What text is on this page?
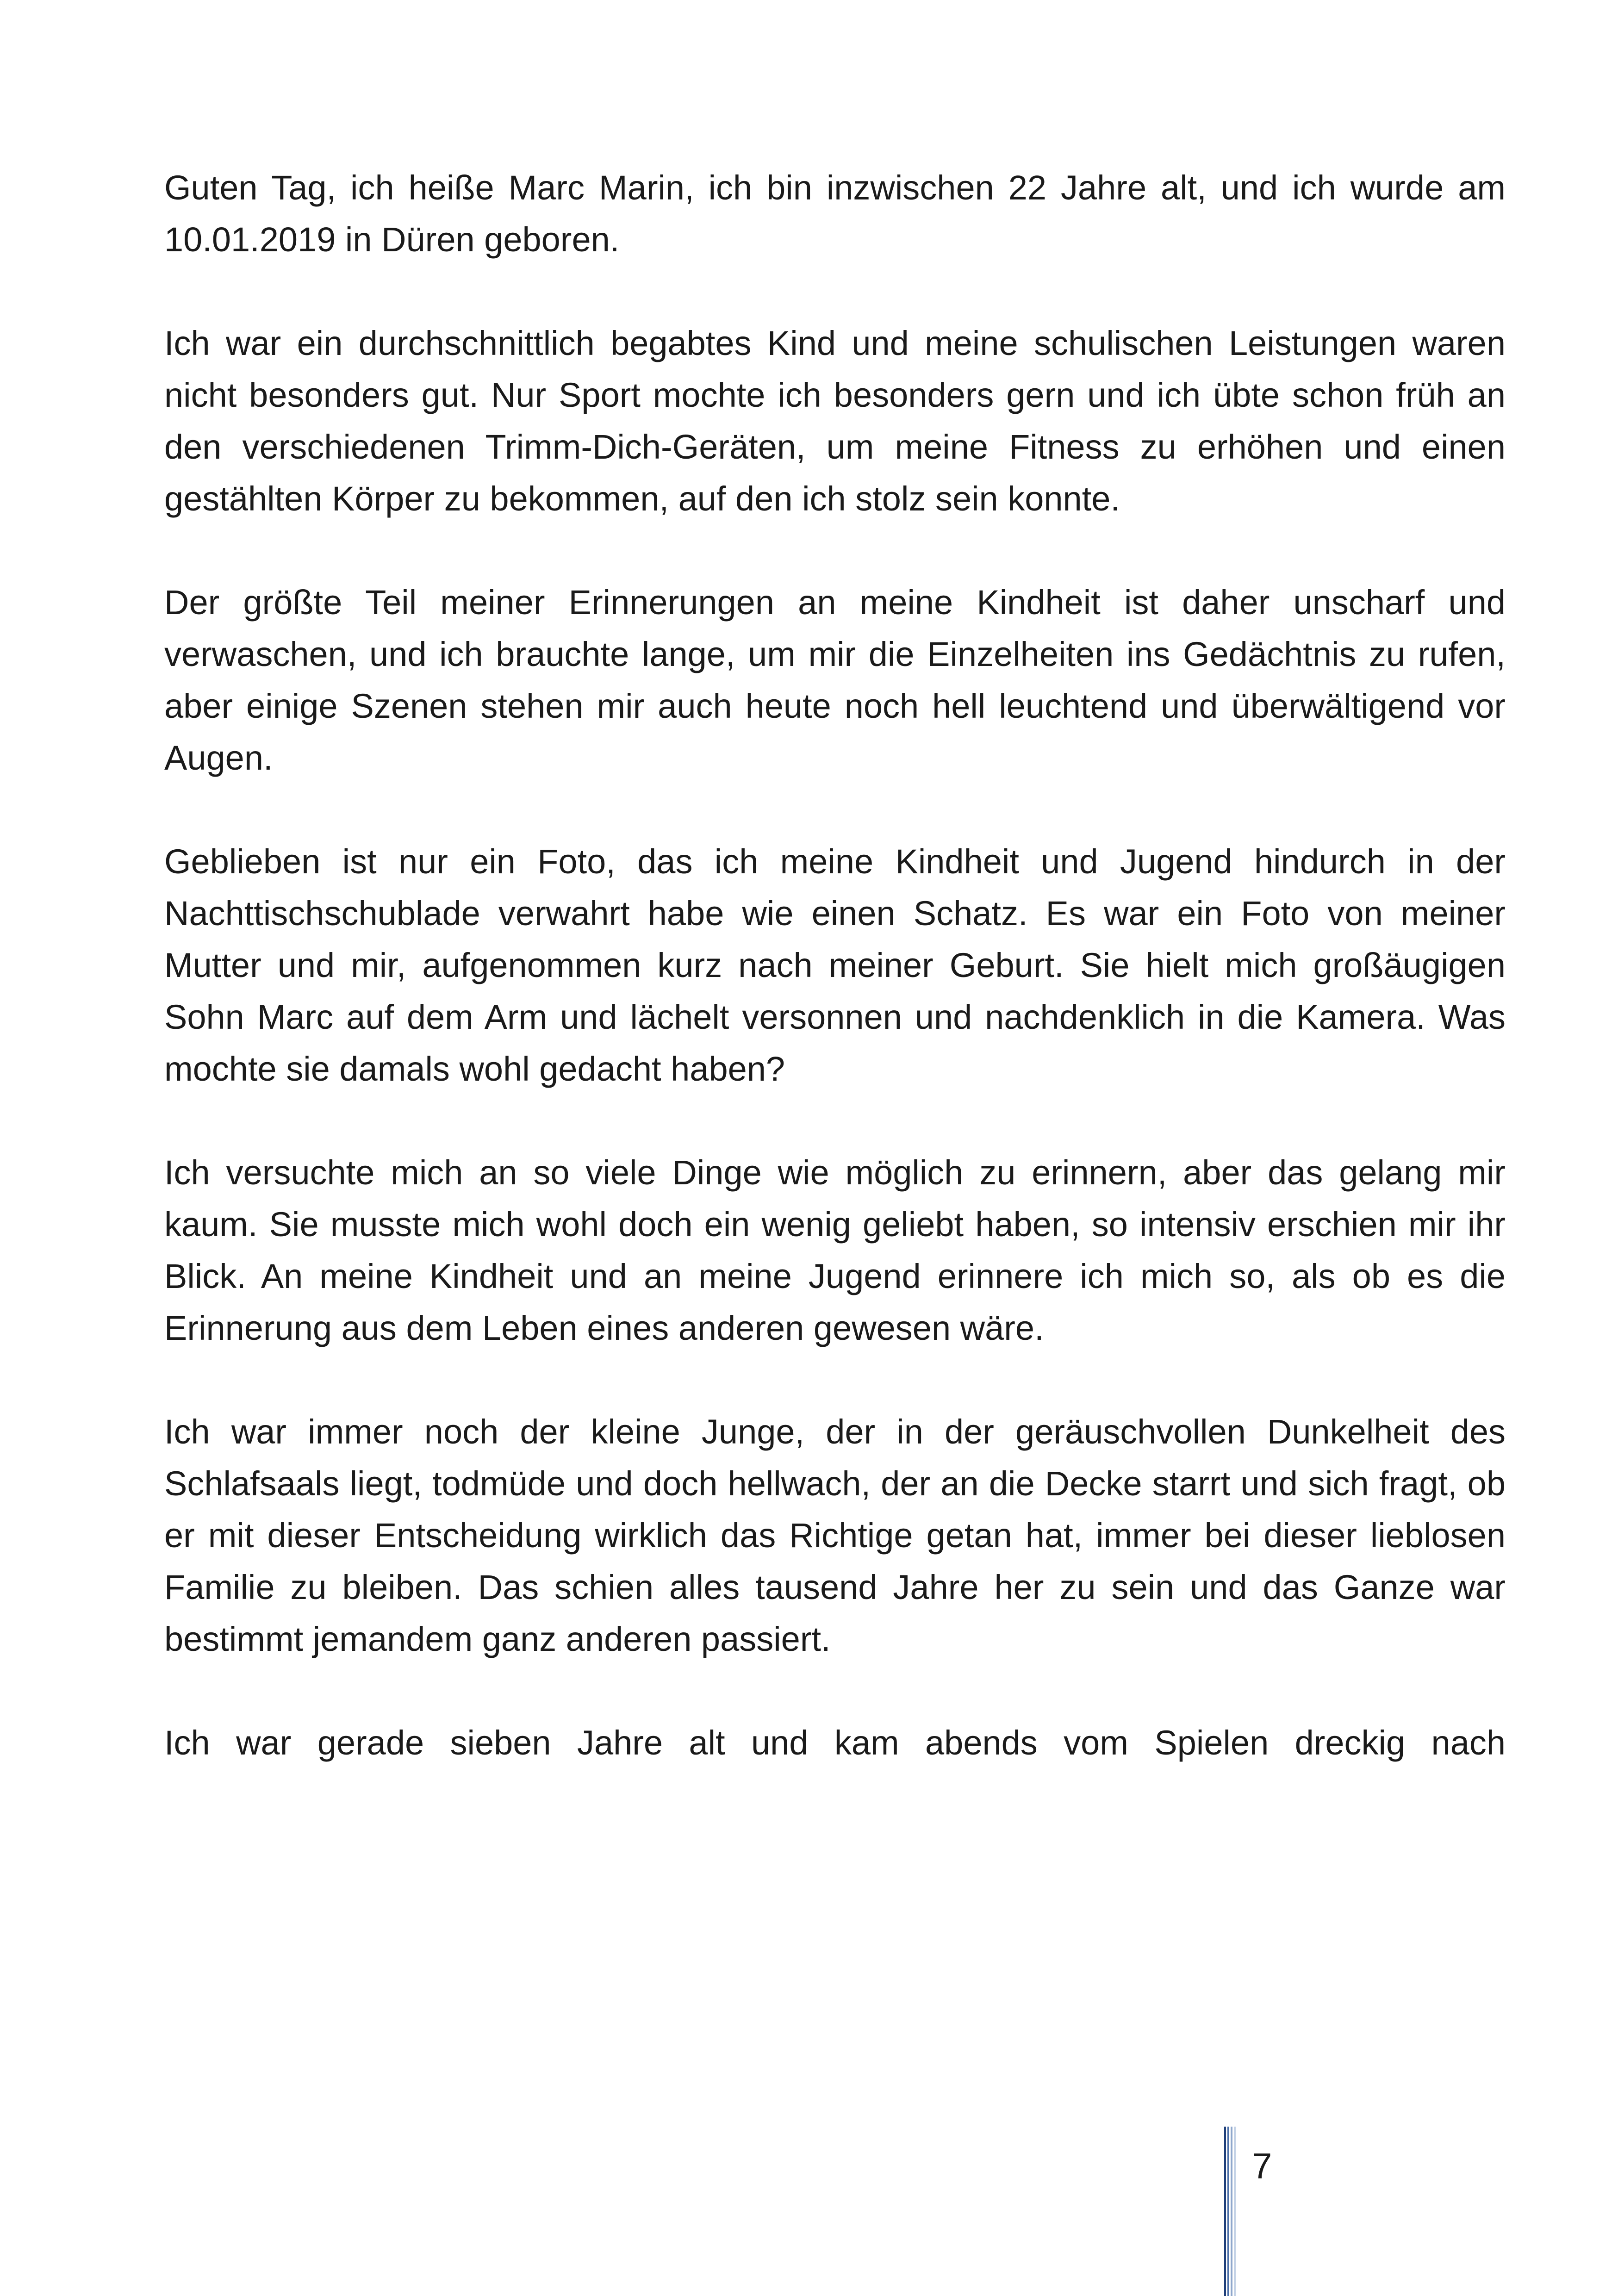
Guten Tag, ich heiße Marc Marin, ich bin inzwischen 22 Jahre alt, und ich wurde am 10.01.2019 in Düren geboren.

Ich war ein durchschnittlich begabtes Kind und meine schulischen Leistungen waren nicht besonders gut. Nur Sport mochte ich besonders gern und ich übte schon früh an den verschiedenen Trimm-Dich-Geräten, um meine Fitness zu erhöhen und einen gestählten Körper zu bekommen, auf den ich stolz sein konnte.

Der größte Teil meiner Erinnerungen an meine Kindheit ist daher unscharf und verwaschen, und ich brauchte lange, um mir die Einzelheiten ins Gedächtnis zu rufen, aber einige Szenen stehen mir auch heute noch hell leuchtend und überwältigend vor Augen.

Geblieben ist nur ein Foto, das ich meine Kindheit und Jugend hindurch in der Nachttischschublade verwahrt habe wie einen Schatz. Es war ein Foto von meiner Mutter und mir, aufgenommen kurz nach meiner Geburt. Sie hielt mich großäugigen Sohn Marc auf dem Arm und lächelt versonnen und nachdenklich in die Kamera. Was mochte sie damals wohl gedacht haben?

Ich versuchte mich an so viele Dinge wie möglich zu erinnern, aber das gelang mir kaum. Sie musste mich wohl doch ein wenig geliebt haben, so intensiv erschien mir ihr Blick. An meine Kindheit und an meine Jugend erinnere ich mich so, als ob es die Erinnerung aus dem Leben eines anderen gewesen wäre.

Ich war immer noch der kleine Junge, der in der geräuschvollen Dunkelheit des Schlafsaals liegt, todmüde und doch hellwach, der an die Decke starrt und sich fragt, ob er mit dieser Entscheidung wirklich das Richtige getan hat, immer bei dieser lieblosen Familie zu bleiben. Das schien alles tausend Jahre her zu sein und das Ganze war bestimmt jemandem ganz anderen passiert.

Ich war gerade sieben Jahre alt und kam abends vom Spielen dreckig nach

7
